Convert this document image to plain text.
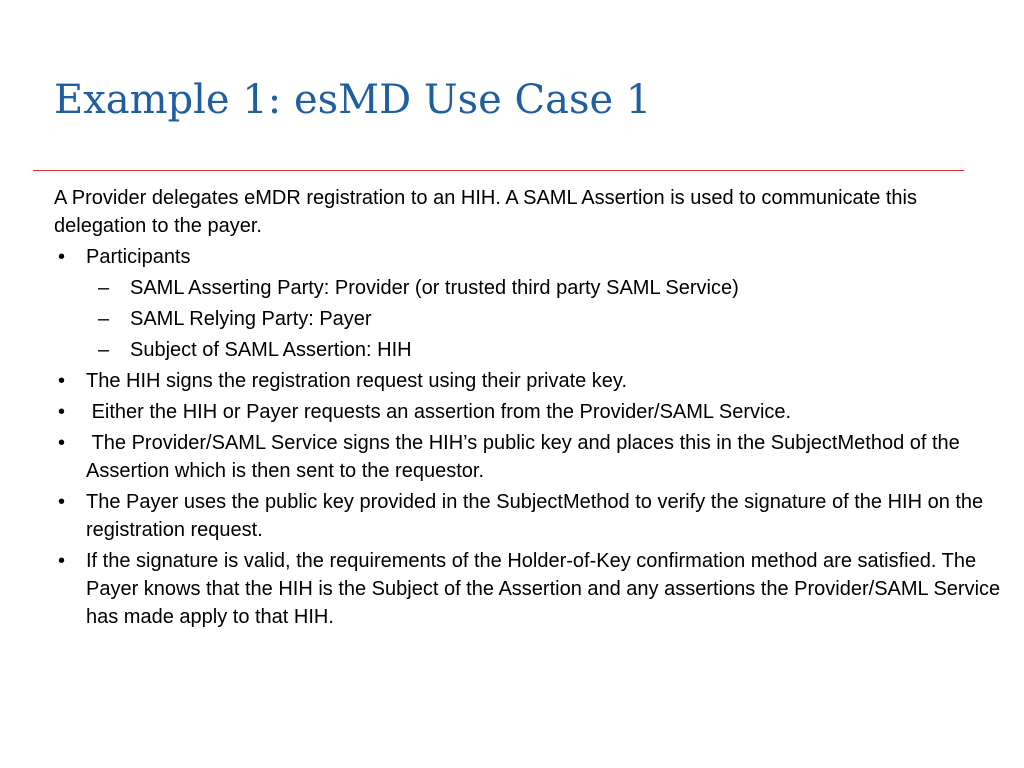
Example 1: esMD Use Case 1

A Provider delegates eMDR registration to an HIH. A SAML Assertion is used to communicate this delegation to the payer.

• Participants
– SAML Asserting Party: Provider (or trusted third party SAML Service)
– SAML Relying Party: Payer
– Subject of SAML Assertion: HIH
• The HIH signs the registration request using their private key.
• Either the HIH or Payer requests an assertion from the Provider/SAML Service.
• The Provider/SAML Service signs the HIH’s public key and places this in the SubjectMethod of the Assertion which is then sent to the requestor.
• The Payer uses the public key provided in the SubjectMethod to verify the signature of the HIH on the registration request.
• If the signature is valid, the requirements of the Holder-of-Key confirmation method are satisfied. The Payer knows that the HIH is the Subject of the Assertion and any assertions the Provider/SAML Service has made apply to that HIH.
